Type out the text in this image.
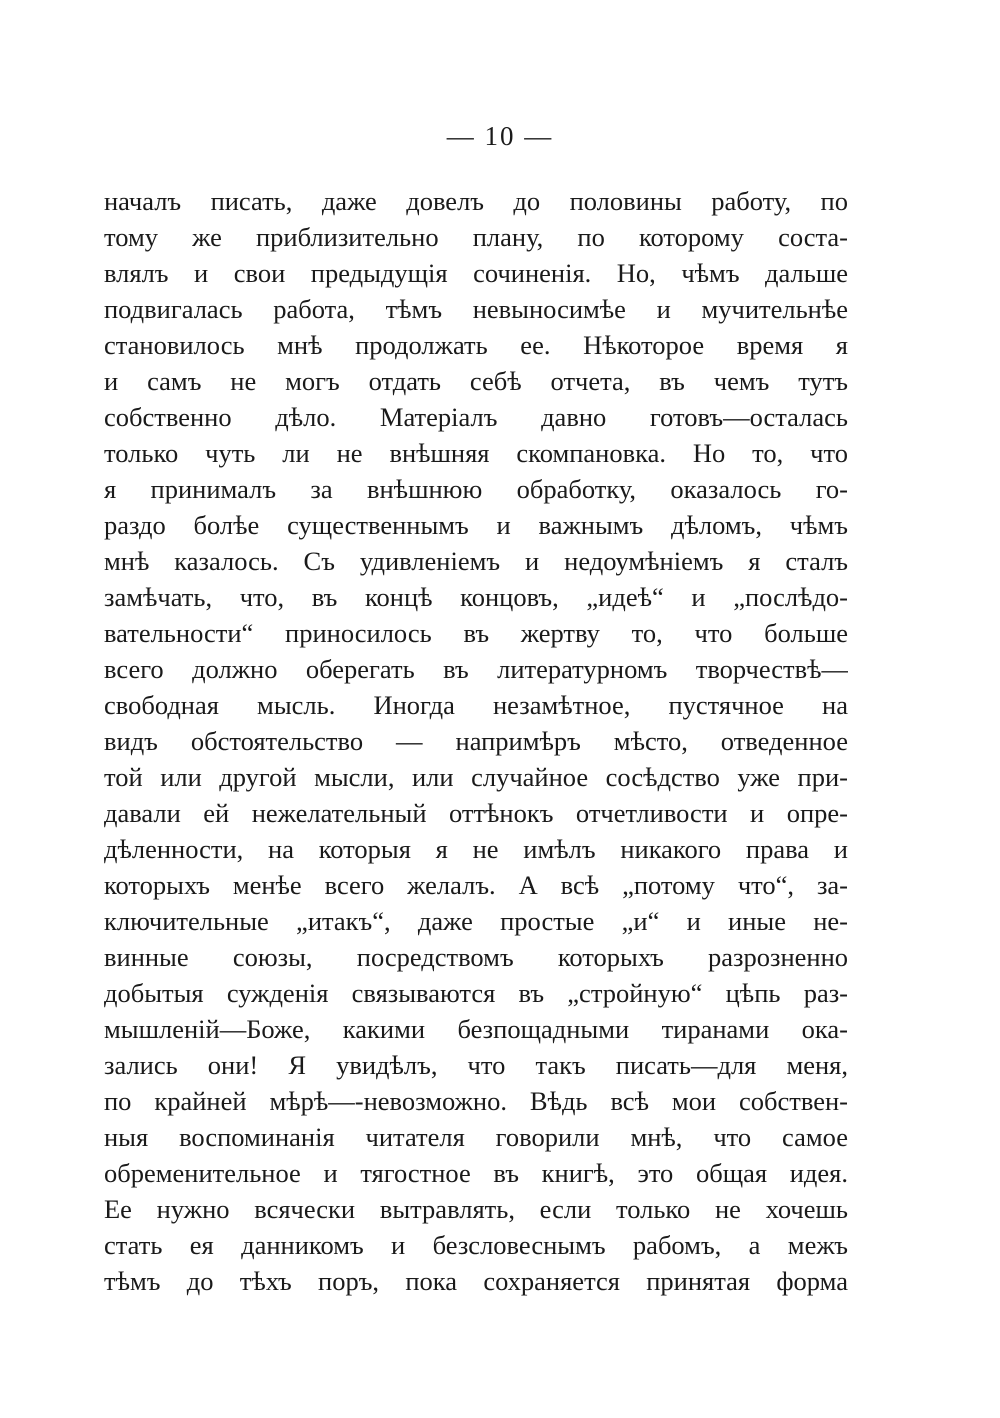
— 10 —
началъ писать, даже довелъ до половины работу, по
тому же приблизительно плану, по которому соста-
влялъ и свои предыдущія сочиненія. Но, чѣмъ дальше
подвигалась работа, тѣмъ невыносимѣе и мучительнѣе
становилось мнѣ продолжать ее. Нѣкоторое время я
и самъ не могъ отдать себѣ отчета, въ чемъ тутъ
собственно дѣло. Матеріалъ давно готовъ—осталась
только чуть ли не внѣшняя скомпановка. Но то, что
я принималъ за внѣшнюю обработку, оказалось го-
раздо болѣе существеннымъ и важнымъ дѣломъ, чѣмъ
мнѣ казалось. Съ удивленіемъ и недоумѣніемъ я сталъ
замѣчать, что, въ концѣ концовъ, „идеѣ“ и „послѣдо-
вательности“ приносилось въ жертву то, что больше
всего должно оберегать въ литературномъ творчествѣ—
свободная мысль. Иногда незамѣтное, пустячное на
видъ обстоятельство — напримѣръ мѣсто, отведенное
той или другой мысли, или случайное сосѣдство уже при-
давали ей нежелательный оттѣнокъ отчетливости и опре-
дѣленности, на которыя я не имѣлъ никакого права и
которыхъ менѣе всего желалъ. А всѣ „потому что“, за-
ключительные „итакъ“, даже простые „и“ и иные не-
винные союзы, посредствомъ которыхъ разрозненно
добытыя сужденія связываются въ „стройную“ цѣпь раз-
мышленій—Боже, какими безпощадными тиранами ока-
зались они! Я увидѣлъ, что такъ писать—для меня,
по крайней мѣрѣ—-невозможно. Вѣдь всѣ мои собствен-
ныя воспоминанія читателя говорили мнѣ, что самое
обременительное и тягостное въ книгѣ, это общая идея.
Ее нужно всячески вытравлять, если только не хочешь
стать ея данникомъ и безсловеснымъ рабомъ, а межъ
тѣмъ до тѣхъ поръ, пока сохраняется принятая форма
